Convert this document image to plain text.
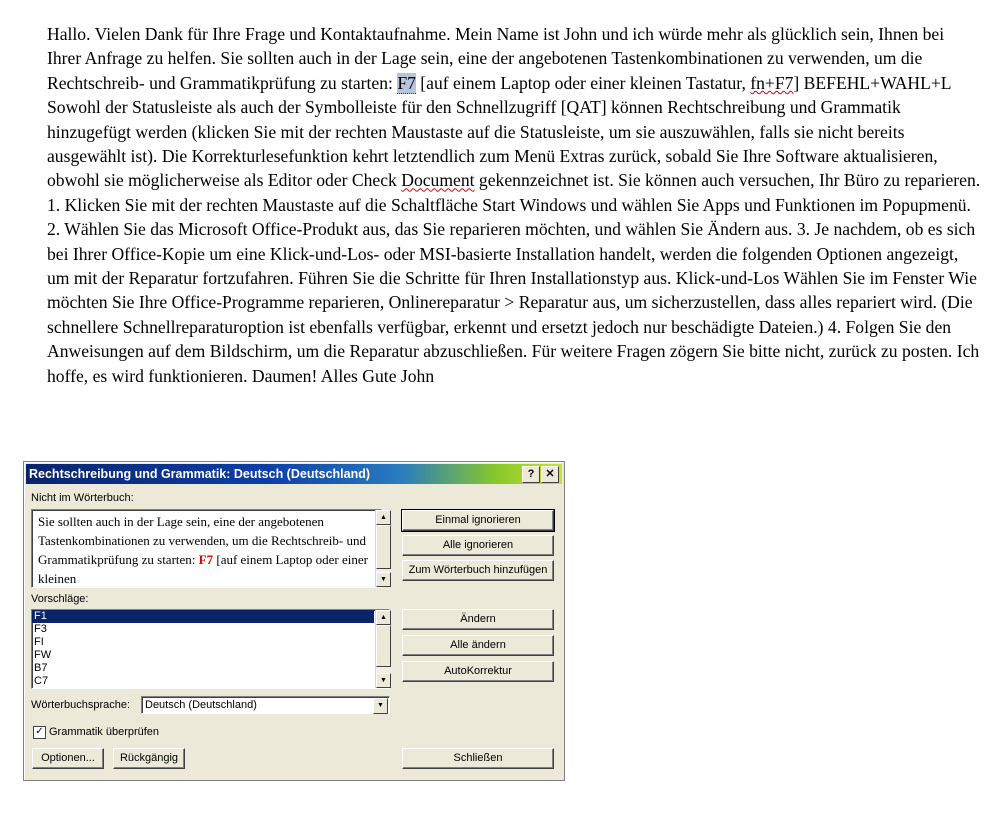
Hallo. Vielen Dank für Ihre Frage und Kontaktaufnahme. Mein Name ist John und ich würde mehr als glücklich sein, Ihnen bei Ihrer Anfrage zu helfen. Sie sollten auch in der Lage sein, eine der angebotenen Tastenkombinationen zu verwenden, um die Rechtschreib- und Grammatikprüfung zu starten: F7 [auf einem Laptop oder einer kleinen Tastatur, fn+F7] BEFEHL+WAHL+L Sowohl der Statusleiste als auch der Symbolleiste für den Schnellzugriff [QAT] können Rechtschreibung und Grammatik hinzugefügt werden (klicken Sie mit der rechten Maustaste auf die Statusleiste, um sie auszuwählen, falls sie nicht bereits ausgewählt ist). Die Korrekturlesefunktion kehrt letztendlich zum Menü Extras zurück, sobald Sie Ihre Software aktualisieren, obwohl sie möglicherweise als Editor oder Check Document gekennzeichnet ist. Sie können auch versuchen, Ihr Büro zu reparieren. 1. Klicken Sie mit der rechten Maustaste auf die Schaltfläche Start Windows und wählen Sie Apps und Funktionen im Popupmenü. 2. Wählen Sie das Microsoft Office-Produkt aus, das Sie reparieren möchten, und wählen Sie Ändern aus. 3. Je nachdem, ob es sich bei Ihrer Office-Kopie um eine Klick-und-Los- oder MSI-basierte Installation handelt, werden die folgenden Optionen angezeigt, um mit der Reparatur fortzufahren. Führen Sie die Schritte für Ihren Installationstyp aus. Klick-und-Los Wählen Sie im Fenster Wie möchten Sie Ihre Office-Programme reparieren, Onlinereparatur > Reparatur aus, um sicherzustellen, dass alles repariert wird. (Die schnellere Schnellreparaturoption ist ebenfalls verfügbar, erkennt und ersetzt jedoch nur beschädigte Dateien.) 4. Folgen Sie den Anweisungen auf dem Bildschirm, um die Reparatur abzuschließen. Für weitere Fragen zögern Sie bitte nicht, zurück zu posten. Ich hoffe, es wird funktionieren. Daumen! Alles Gute John
Rechtschreibung und Grammatik: Deutsch (Deutschland)	?	✕
Nicht im Wörterbuch:
Sie sollten auch in der Lage sein, eine der angebotenen Tastenkombinationen zu verwenden, um die Rechtschreib- und Grammatikprüfung zu starten: F7 [auf einem Laptop oder einer kleinen
▲
▼
Einmal ignorieren
Alle ignorieren
Zum Wörterbuch hinzufügen
Vorschläge:
F1
F3
FI
FW
B7
C7
▲
▼
Ändern
Alle ändern
AutoKorrektur
Wörterbuchsprache:	Deutsch (Deutschland)	▼
✓ Grammatik überprüfen
Optionen...	Rückgängig	Schließen
